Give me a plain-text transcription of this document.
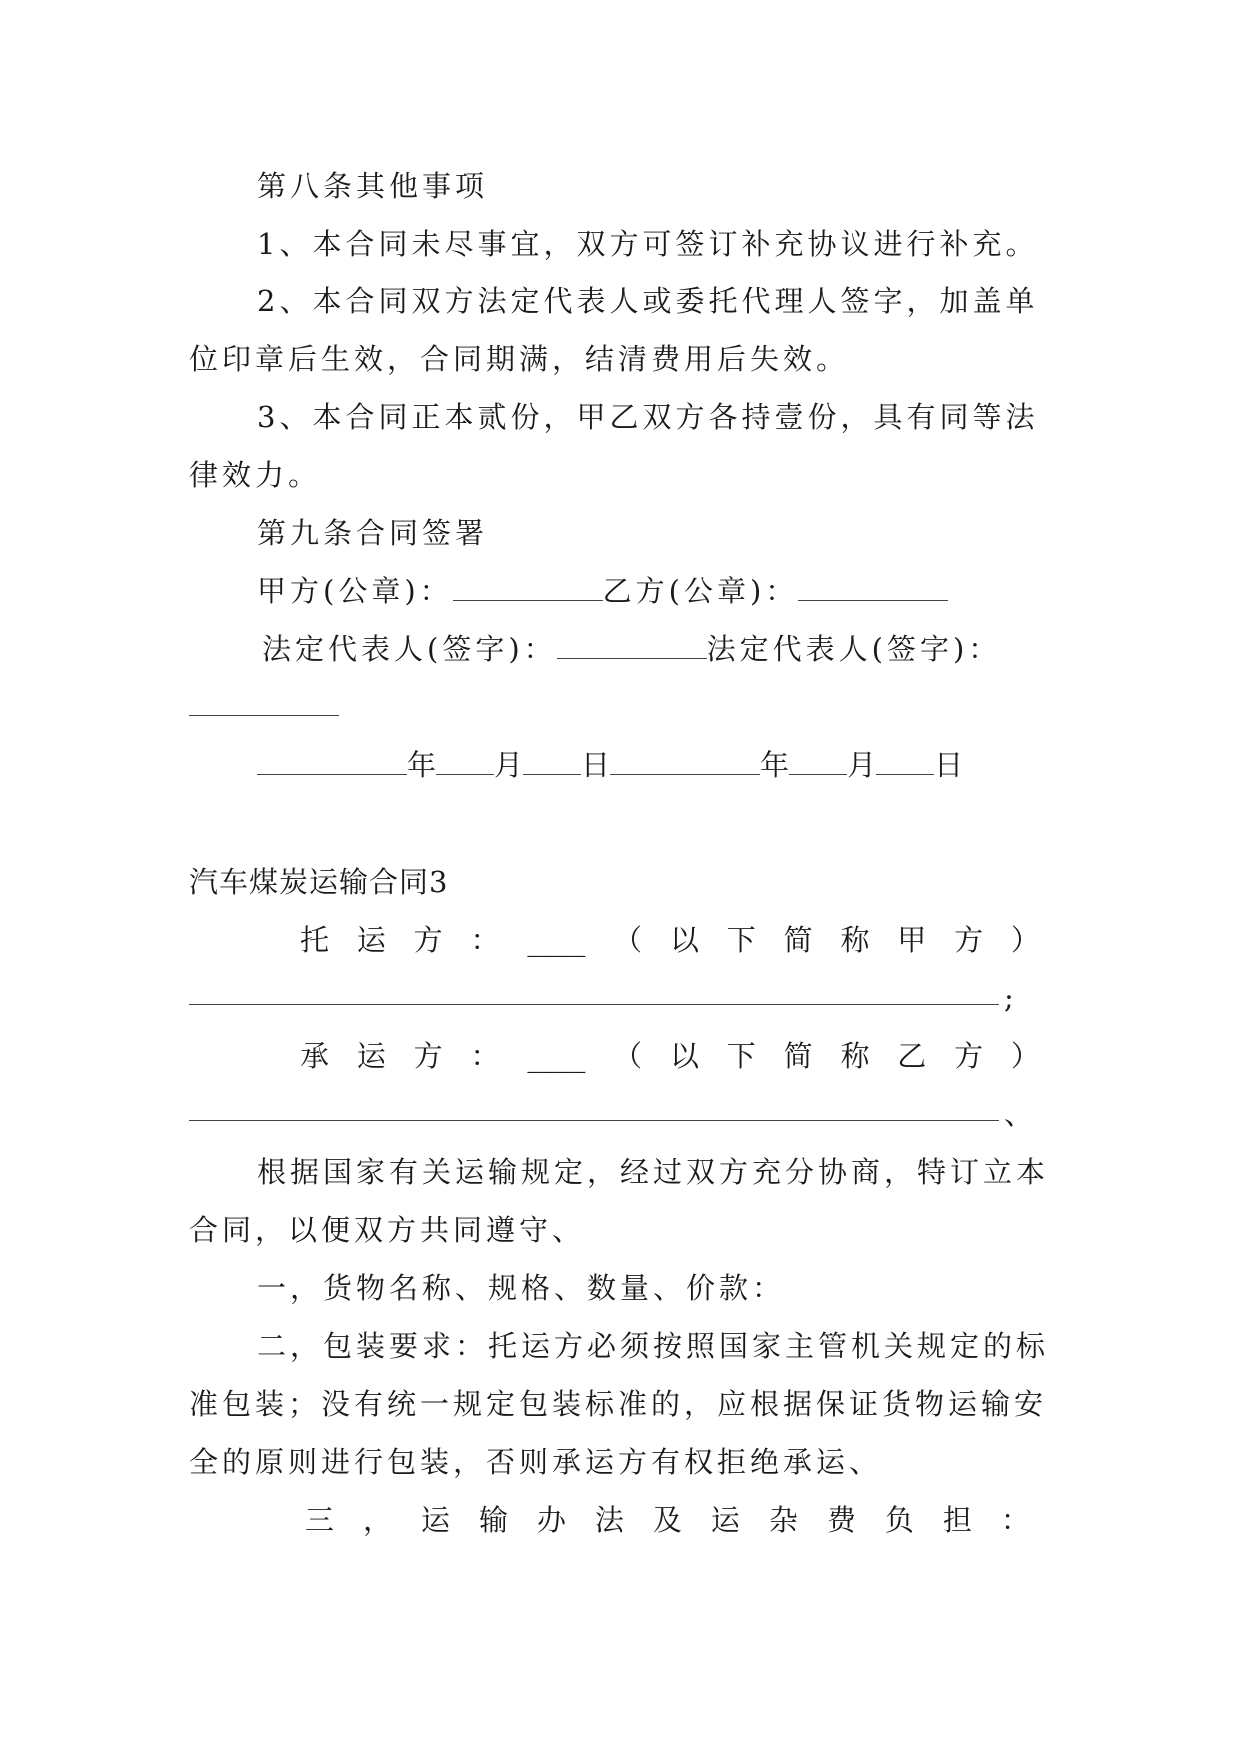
第八条其他事项
1、本合同未尽事宜，双方可签订补充协议进行补充。
2、本合同双方法定代表人或委托代理人签字，加盖单
位印章后生效，合同期满，结清费用后失效。
3、本合同正本贰份，甲乙双方各持壹份，具有同等法
律效力。
第九条合同签署
甲方(公章)：	乙方(公章)：
法定代表人(签字)：	法定代表人(签字)：
年 月 日	年 月 日
汽车煤炭运输合同3
托 运 方 ： ____ （ 以 下 简 称 甲 方 ）
;
承 运 方 ： ____ （ 以 下 简 称 乙 方 ）
、
根据国家有关运输规定，经过双方充分协商，特订立本
合同，以便双方共同遵守、
一，货物名称、规格、数量、价款：
二，包装要求：托运方必须按照国家主管机关规定的标
准包装；没有统一规定包装标准的，应根据保证货物运输安
全的原则进行包装，否则承运方有权拒绝承运、
三 ， 运 输 办 法 及 运 杂 费 负 担 ：
